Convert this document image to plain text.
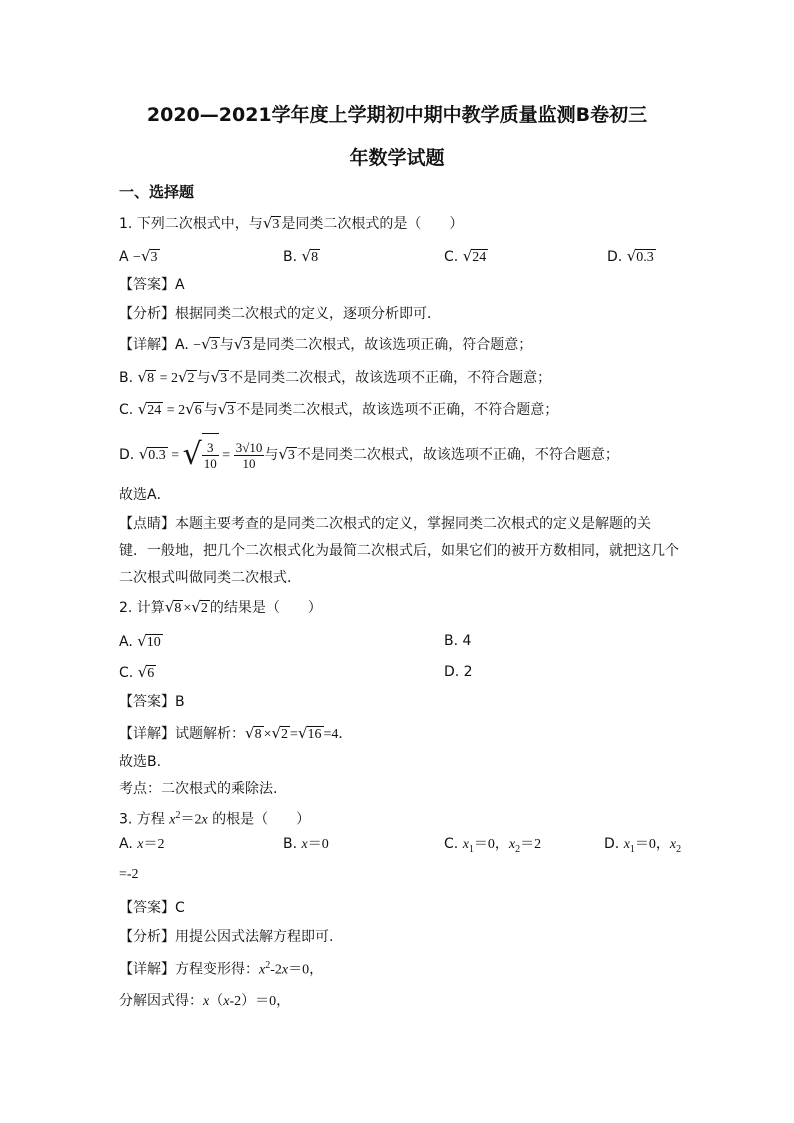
2020—2021学年度上学期初中期中教学质量监测B卷初三
年数学试题
一、选择题
1. 下列二次根式中，与√3 是同类二次根式的是（　　）
A −√3	B. √8	C. √24	D. √0.3
【答案】A
【分析】根据同类二次根式的定义，逐项分析即可．
【详解】A. −√3 与√3 是同类二次根式，故该选项正确，符合题意；
B. √8 = 2√2 与√3 不是同类二次根式，故该选项不正确，不符合题意；
C. √24 = 2√6 与√3 不是同类二次根式，故该选项不正确，不符合题意；
D. √0.3 = √ $\frac{3}{10} = \frac{3√10}{10}$ 与√3 不是同类二次根式，故该选项不正确，不符合题意；
故选A．
【点睛】本题主要考查的是同类二次根式的定义，掌握同类二次根式的定义是解题的关
键．一般地，把几个二次根式化为最简二次根式后，如果它们的被开方数相同，就把这几个
二次根式叫做同类二次根式．
2. 计算√8 ×√2 的结果是（　　）
A. √10	B. 4
C. √6	D. 2
【答案】B
【详解】试题解析：√8 ×√2 =√16 =4．
故选B.
考点：二次根式的乘除法.
3. 方程 $x^2=2x$ 的根是（　　）
A. x＝2	B. x＝0	C. $x_1=0$，$x_2=2$	D. $x_1=0$，$x_2$
=-2
【答案】C
【分析】用提公因式法解方程即可.
【详解】方程变形得：$x^2-2x=0$，
分解因式得：x（x-2）＝0，
